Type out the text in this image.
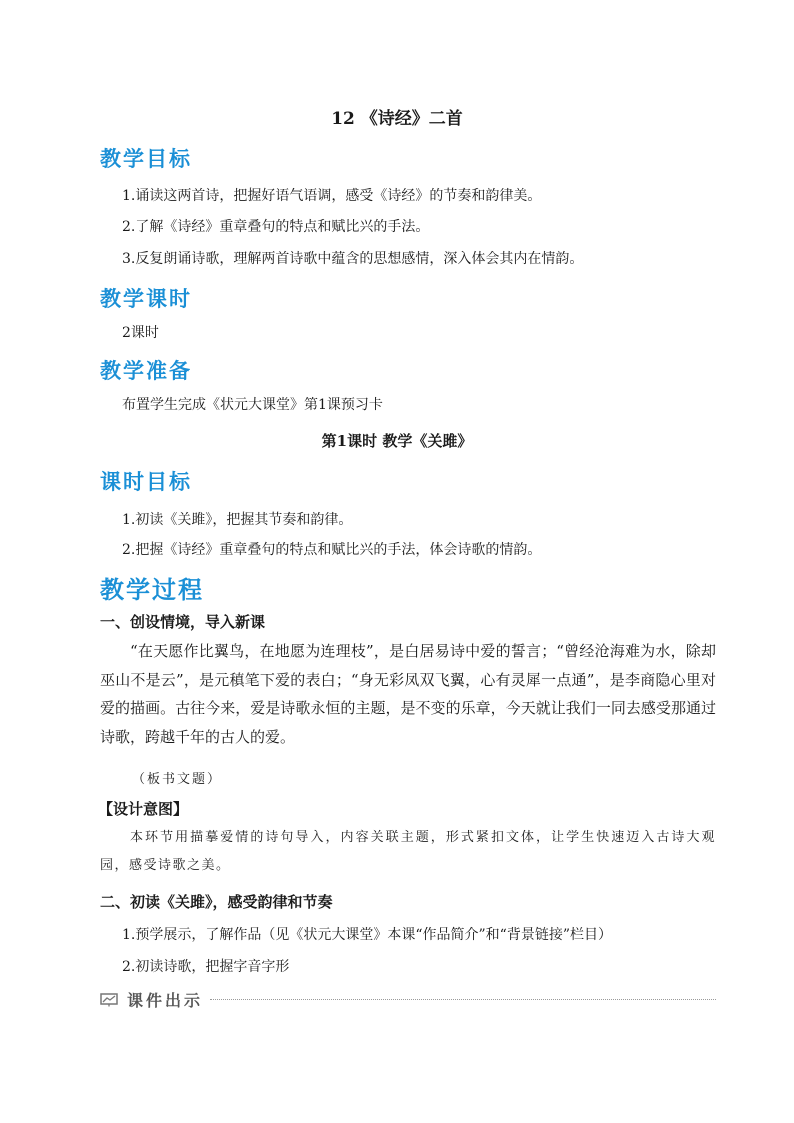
12 《诗经》二首
教学目标
1.诵读这两首诗，把握好语气语调，感受《诗经》的节奏和韵律美。
2.了解《诗经》重章叠句的特点和赋比兴的手法。
3.反复朗诵诗歌，理解两首诗歌中蕴含的思想感情，深入体会其内在情韵。
教学课时
2课时
教学准备
布置学生完成《状元大课堂》第1课预习卡
第1课时 教学《关雎》
课时目标
1.初读《关雎》，把握其节奏和韵律。
2.把握《诗经》重章叠句的特点和赋比兴的手法，体会诗歌的情韵。
教学过程
一、创设情境，导入新课
“在天愿作比翼鸟，在地愿为连理枝”，是白居易诗中爱的誓言；“曾经沧海难为水，除却巫山不是云”，是元稹笔下爱的表白；“身无彩凤双飞翼，心有灵犀一点通”，是李商隐心里对爱的描画。古往今来，爱是诗歌永恒的主题，是不变的乐章，今天就让我们一同去感受那通过诗歌，跨越千年的古人的爱。
（板书文题）
【设计意图】
本环节用描摹爱情的诗句导入，内容关联主题，形式紧扣文体，让学生快速迈入古诗大观园，感受诗歌之美。
二、初读《关雎》，感受韵律和节奏
1.预学展示，了解作品（见《状元大课堂》本课“作品简介”和“背景链接”栏目）
2.初读诗歌，把握字音字形
课件出示
